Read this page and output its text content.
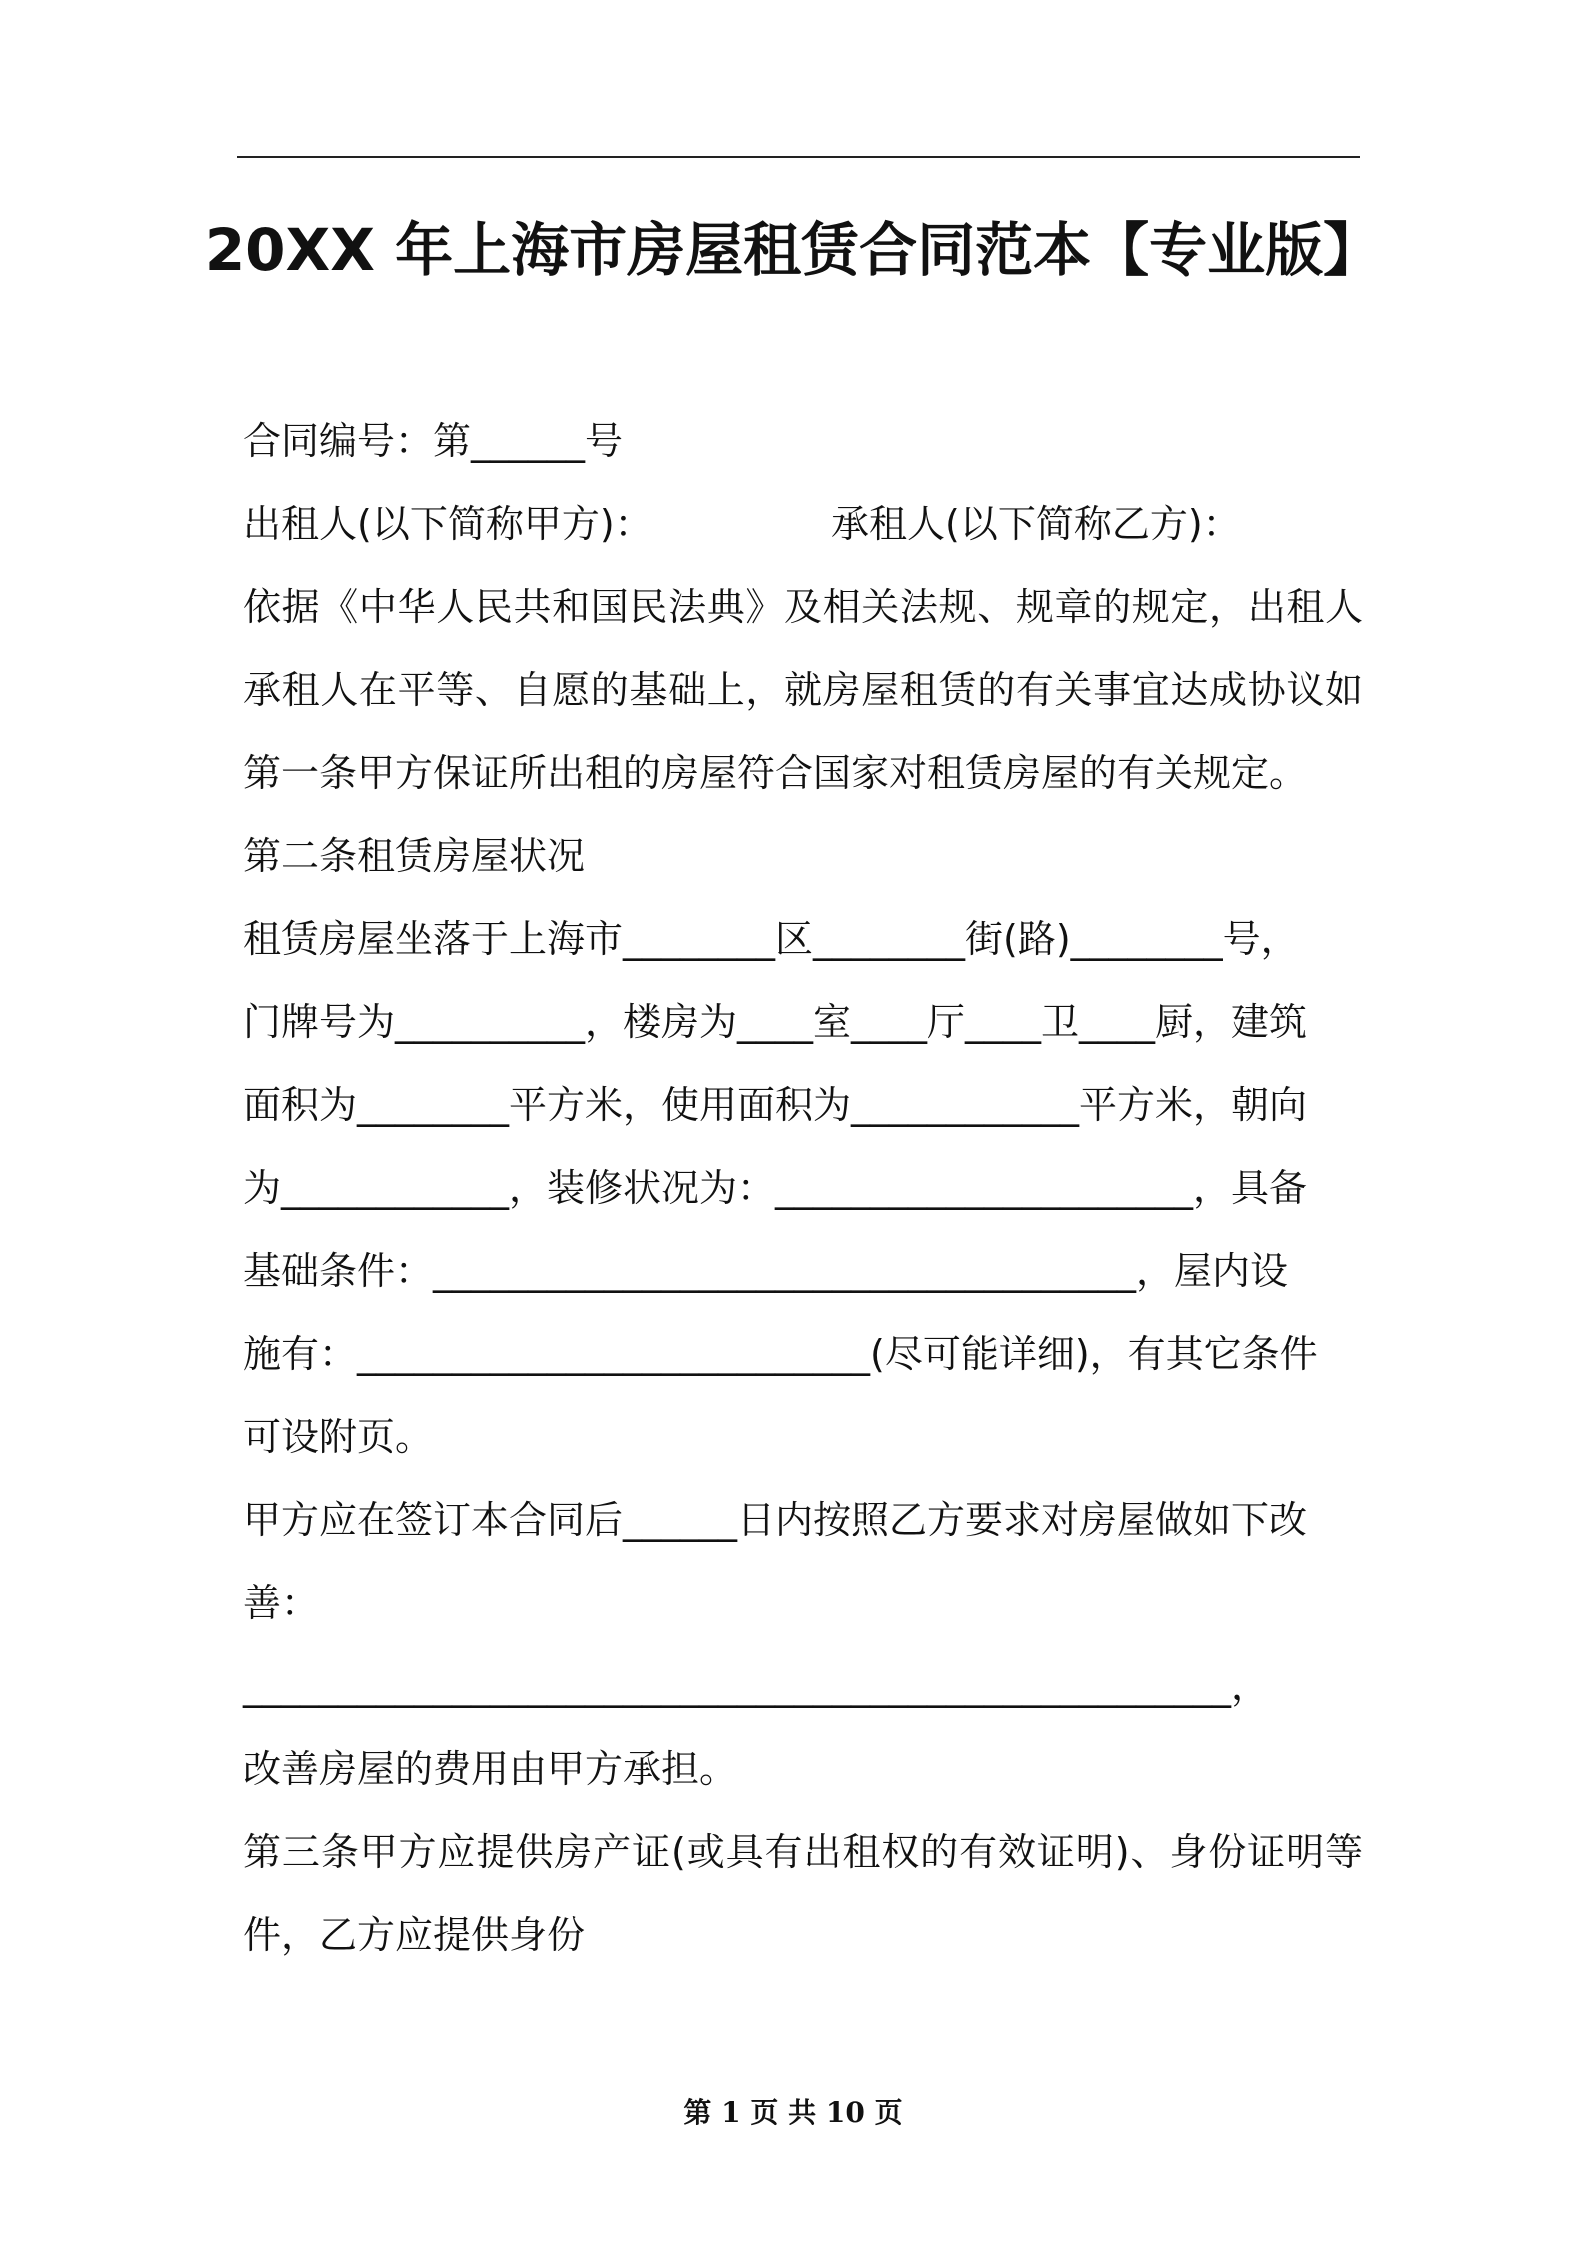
20XX 年上海市房屋租赁合同范本【专业版】
合同编号：第______号
出租人(以下简称甲方)：	承租人(以下简称乙方)：
依据《中华人民共和国民法典》及相关法规、规章的规定，出租人
承租人在平等、自愿的基础上，就房屋租赁的有关事宜达成协议如
第一条甲方保证所出租的房屋符合国家对租赁房屋的有关规定。
第二条租赁房屋状况
租赁房屋坐落于上海市________区________街(路)________号，
门牌号为__________，楼房为____室____厅____卫____厨，建筑
面积为________平方米，使用面积为____________平方米，朝向
为____________，装修状况为：______________________，具备
基础条件：_____________________________________，屋内设
施有：___________________________(尽可能详细)，有其它条件
可设附页。
甲方应在签订本合同后______日内按照乙方要求对房屋做如下改
善：
____________________________________________________，
改善房屋的费用由甲方承担。
第三条甲方应提供房产证(或具有出租权的有效证明)、身份证明等
件，乙方应提供身份
第 1 页 共 10 页
